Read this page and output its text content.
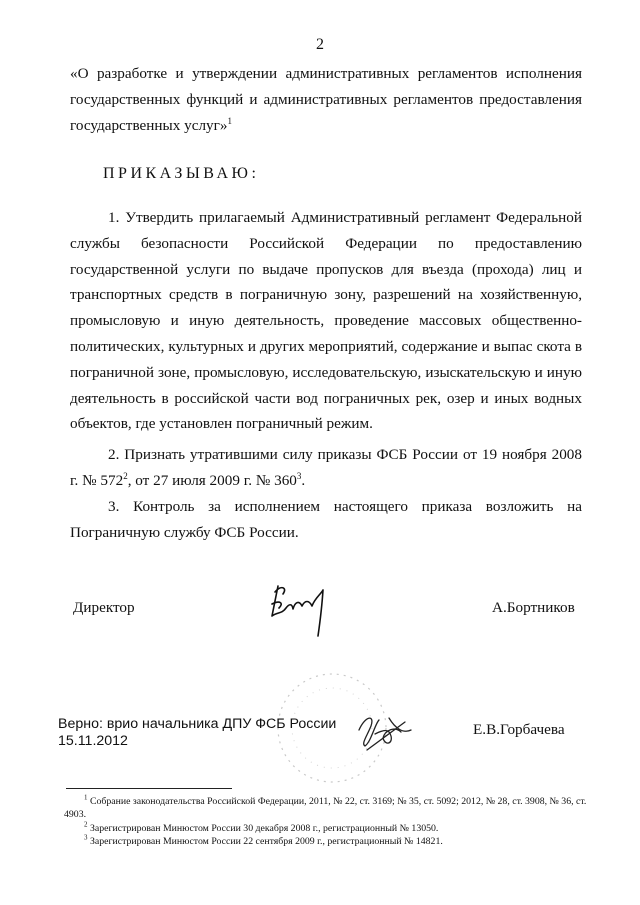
2

«О разработке и утверждении административных регламентов исполнения государственных функций и административных регламентов предоставления государственных услуг»$^1$

ПРИКАЗЫВАЮ:

1. Утвердить прилагаемый Административный регламент Федеральной службы безопасности Российской Федерации по предоставлению государственной услуги по выдаче пропусков для въезда (прохода) лиц и транспортных средств в пограничную зону, разрешений на хозяйственную, промысловую и иную деятельность, проведение массовых общественно-политических, культурных и других мероприятий, содержание и выпас скота в пограничной зоне, промысловую, исследовательскую, изыскательскую и иную деятельность в российской части вод пограничных рек, озер и иных водных объектов, где установлен пограничный режим.

2. Признать утратившими силу приказы ФСБ России от 19 ноября 2008 г. № $572^2$, от 27 июля 2009 г. № $360^3$.

3. Контроль за исполнением настоящего приказа возложить на Пограничную службу ФСБ России.

Директор	А.Бортников
Верно: врио начальника ДПУ ФСБ России
15.11.2012
Е.В.Горбачева

$^1$ Собрание законодательства Российской Федерации, 2011, № 22, ст. 3169; № 35, ст. 5092; 2012, № 28, ст. 3908, № 36, ст. 4903.

$^2$ Зарегистрирован Минюстом России 30 декабря 2008 г., регистрационный № 13050.

$^3$ Зарегистрирован Минюстом России 22 сентября 2009 г., регистрационный № 14821.
